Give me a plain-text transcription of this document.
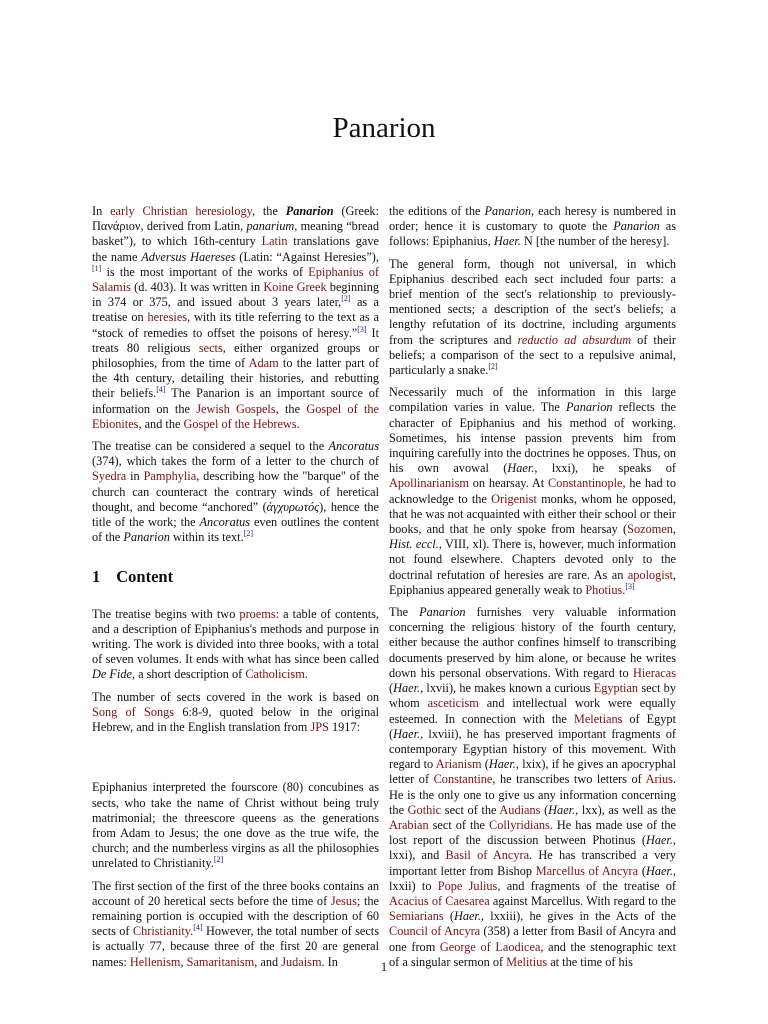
Panarion

In early Christian heresiology, the Panarion (Greek: Πανάριον, derived from Latin, panarium, meaning “bread basket”), to which 16th-century Latin translations gave the name Adversus Haereses (Latin: “Against Heresies”),[1] is the most important of the works of Epiphanius of Salamis (d. 403). It was written in Koine Greek beginning in 374 or 375, and issued about 3 years later,[2] as a treatise on heresies, with its title referring to the text as a “stock of remedies to offset the poisons of heresy.”[3] It treats 80 religious sects, either organized groups or philosophies, from the time of Adam to the latter part of the 4th century, detailing their histories, and rebutting their beliefs.[4] The Panarion is an important source of information on the Jewish Gospels, the Gospel of the Ebionites, and the Gospel of the Hebrews.

The treatise can be considered a sequel to the Ancoratus (374), which takes the form of a letter to the church of Syedra in Pamphylia, describing how the "barque" of the church can counteract the contrary winds of heretical thought, and become “anchored” (ἀγχυρωτός), hence the title of the work; the Ancoratus even outlines the content of the Panarion within its text.[2]

1 Content

The treatise begins with two proems: a table of contents, and a description of Epiphanius's methods and purpose in writing. The work is divided into three books, with a total of seven volumes. It ends with what has since been called De Fide, a short description of Catholicism.

The number of sects covered in the work is based on Song of Songs 6:8-9, quoted below in the original Hebrew, and in the English translation from JPS 1917:

Epiphanius interpreted the fourscore (80) concubines as sects, who take the name of Christ without being truly matrimonial; the threescore queens as the generations from Adam to Jesus; the one dove as the true wife, the church; and the numberless virgins as all the philosophies unrelated to Christianity.[2]

The first section of the first of the three books contains an account of 20 heretical sects before the time of Jesus; the remaining portion is occupied with the description of 60 sects of Christianity.[4] However, the total number of sects is actually 77, because three of the first 20 are general names: Hellenism, Samaritanism, and Judaism. In

the editions of the Panarion, each heresy is numbered in order; hence it is customary to quote the Panarion as follows: Epiphanius, Haer. N [the number of the heresy].

The general form, though not universal, in which Epiphanius described each sect included four parts: a brief mention of the sect's relationship to previously-mentioned sects; a description of the sect's beliefs; a lengthy refutation of its doctrine, including arguments from the scriptures and reductio ad absurdum of their beliefs; a comparison of the sect to a repulsive animal, particularly a snake.[2]

Necessarily much of the information in this large compilation varies in value. The Panarion reflects the character of Epiphanius and his method of working. Sometimes, his intense passion prevents him from inquiring carefully into the doctrines he opposes. Thus, on his own avowal (Haer., lxxi), he speaks of Apollinarianism on hearsay. At Constantinople, he had to acknowledge to the Origenist monks, whom he opposed, that he was not acquainted with either their school or their books, and that he only spoke from hearsay (Sozomen, Hist. eccl., VIII, xl). There is, however, much information not found elsewhere. Chapters devoted only to the doctrinal refutation of heresies are rare. As an apologist, Epiphanius appeared generally weak to Photius.[3]

The Panarion furnishes very valuable information concerning the religious history of the fourth century, either because the author confines himself to transcribing documents preserved by him alone, or because he writes down his personal observations. With regard to Hieracas (Haer., lxvii), he makes known a curious Egyptian sect by whom asceticism and intellectual work were equally esteemed. In connection with the Meletians of Egypt (Haer., lxviii), he has preserved important fragments of contemporary Egyptian history of this movement. With regard to Arianism (Haer., lxix), if he gives an apocryphal letter of Constantine, he transcribes two letters of Arius. He is the only one to give us any information concerning the Gothic sect of the Audians (Haer., lxx), as well as the Arabian sect of the Collyridians. He has made use of the lost report of the discussion between Photinus (Haer., lxxi), and Basil of Ancyra. He has transcribed a very important letter from Bishop Marcellus of Ancyra (Haer., lxxii) to Pope Julius, and fragments of the treatise of Acacius of Caesarea against Marcellus. With regard to the Semiarians (Haer., lxxiii), he gives in the Acts of the Council of Ancyra (358) a letter from Basil of Ancyra and one from George of Laodicea, and the stenographic text of a singular sermon of Melitius at the time of his

1
